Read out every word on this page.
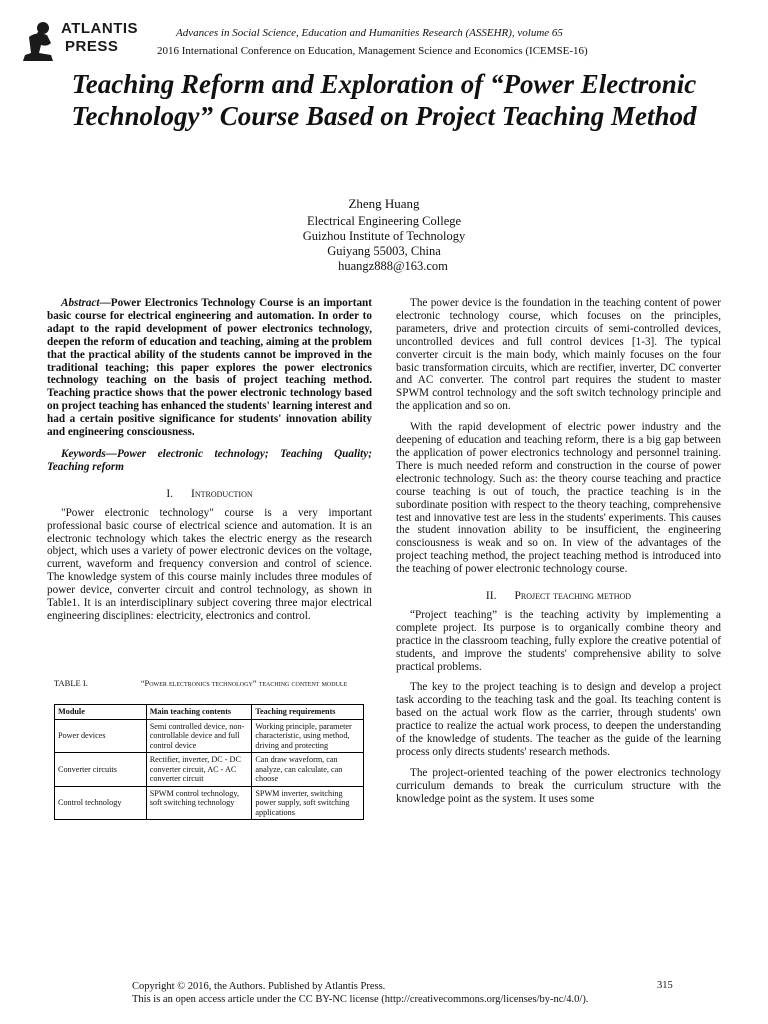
ATLANTIS
PRESS
Advances in Social Science, Education and Humanities Research (ASSEHR), volume 65
2016 International Conference on Education, Management Science and Economics (ICEMSE-16)
Teaching Reform and Exploration of “Power Electronic Technology” Course Based on Project Teaching Method
Zheng Huang
Electrical Engineering College
Guizhou Institute of Technology
Guiyang 55003, China
huangz888@163.com

Abstract—Power Electronics Technology Course is an important basic course for electrical engineering and automation. In order to adapt to the rapid development of power electronics technology, deepen the reform of education and teaching, aiming at the problem that the practical ability of the students cannot be improved in the traditional teaching; this paper explores the power electronics technology teaching on the basis of project teaching method. Teaching practice shows that the power electronic technology based on project teaching has enhanced the students' learning interest and had a certain positive significance for students' innovation ability and engineering consciousness.

Keywords—Power electronic technology; Teaching Quality; Teaching reform

I. Introduction

"Power electronic technology" course is a very important professional basic course of electrical science and automation. It is an electronic technology which takes the electric energy as the research object, which uses a variety of power electronic devices on the voltage, current, waveform and frequency conversion and control of science. The knowledge system of this course mainly includes three modules of power device, converter circuit and control technology, as shown in Table1. It is an interdisciplinary subject covering three major electrical engineering disciplines: electricity, electronics and control.

TABLE I.	“Power electronics technology” teaching content module
Module	Main teaching contents	Teaching requirements
Power devices	Semi controlled device, non-controllable device and full control device	Working principle, parameter characteristic, using method, driving and protecting
Converter circuits	Rectifier, inverter, DC - DC converter circuit, AC - AC converter circuit	Can draw waveform, can analyze, can calculate, can choose
Control technology	SPWM control technology, soft switching technology	SPWM inverter, switching power supply, soft switching applications

The power device is the foundation in the teaching content of power electronic technology course, which focuses on the principles, parameters, drive and protection circuits of semi-controlled devices, uncontrolled devices and full control devices [1-3]. The typical converter circuit is the main body, which mainly focuses on the four basic transformation circuits, which are rectifier, inverter, DC converter and AC converter. The control part requires the student to master SPWM control technology and the soft switch technology principle and the application and so on.

With the rapid development of electric power industry and the deepening of education and teaching reform, there is a big gap between the application of power electronics technology and personnel training. There is much needed reform and construction in the course of power electronic technology. Such as: the theory course teaching and practice course teaching is out of touch, the practice teaching is in the subordinate position with respect to the theory teaching, comprehensive test and innovative test are less in the students' experiments. This causes the student innovation ability to be insufficient, the engineering consciousness is weak and so on. In view of the advantages of the project teaching method, the project teaching method is introduced into the teaching of power electronic technology course.

II. Project teaching method

“Project teaching” is the teaching activity by implementing a complete project. Its purpose is to organically combine theory and practice in the classroom teaching, fully explore the creative potential of students, and improve the students' comprehensive ability to solve practical problems.

The key to the project teaching is to design and develop a project task according to the teaching task and the goal. Its teaching content is based on the actual work flow as the carrier, through students' own practice to realize the actual work process, to deepen the understanding of the knowledge of students. The teacher as the guide of the learning process only directs students' research methods.

The project-oriented teaching of the power electronics technology curriculum demands to break the curriculum structure with the knowledge point as the system. It uses some

Copyright © 2016, the Authors. Published by Atlantis Press.
This is an open access article under the CC BY-NC license (http://creativecommons.org/licenses/by-nc/4.0/).
315
